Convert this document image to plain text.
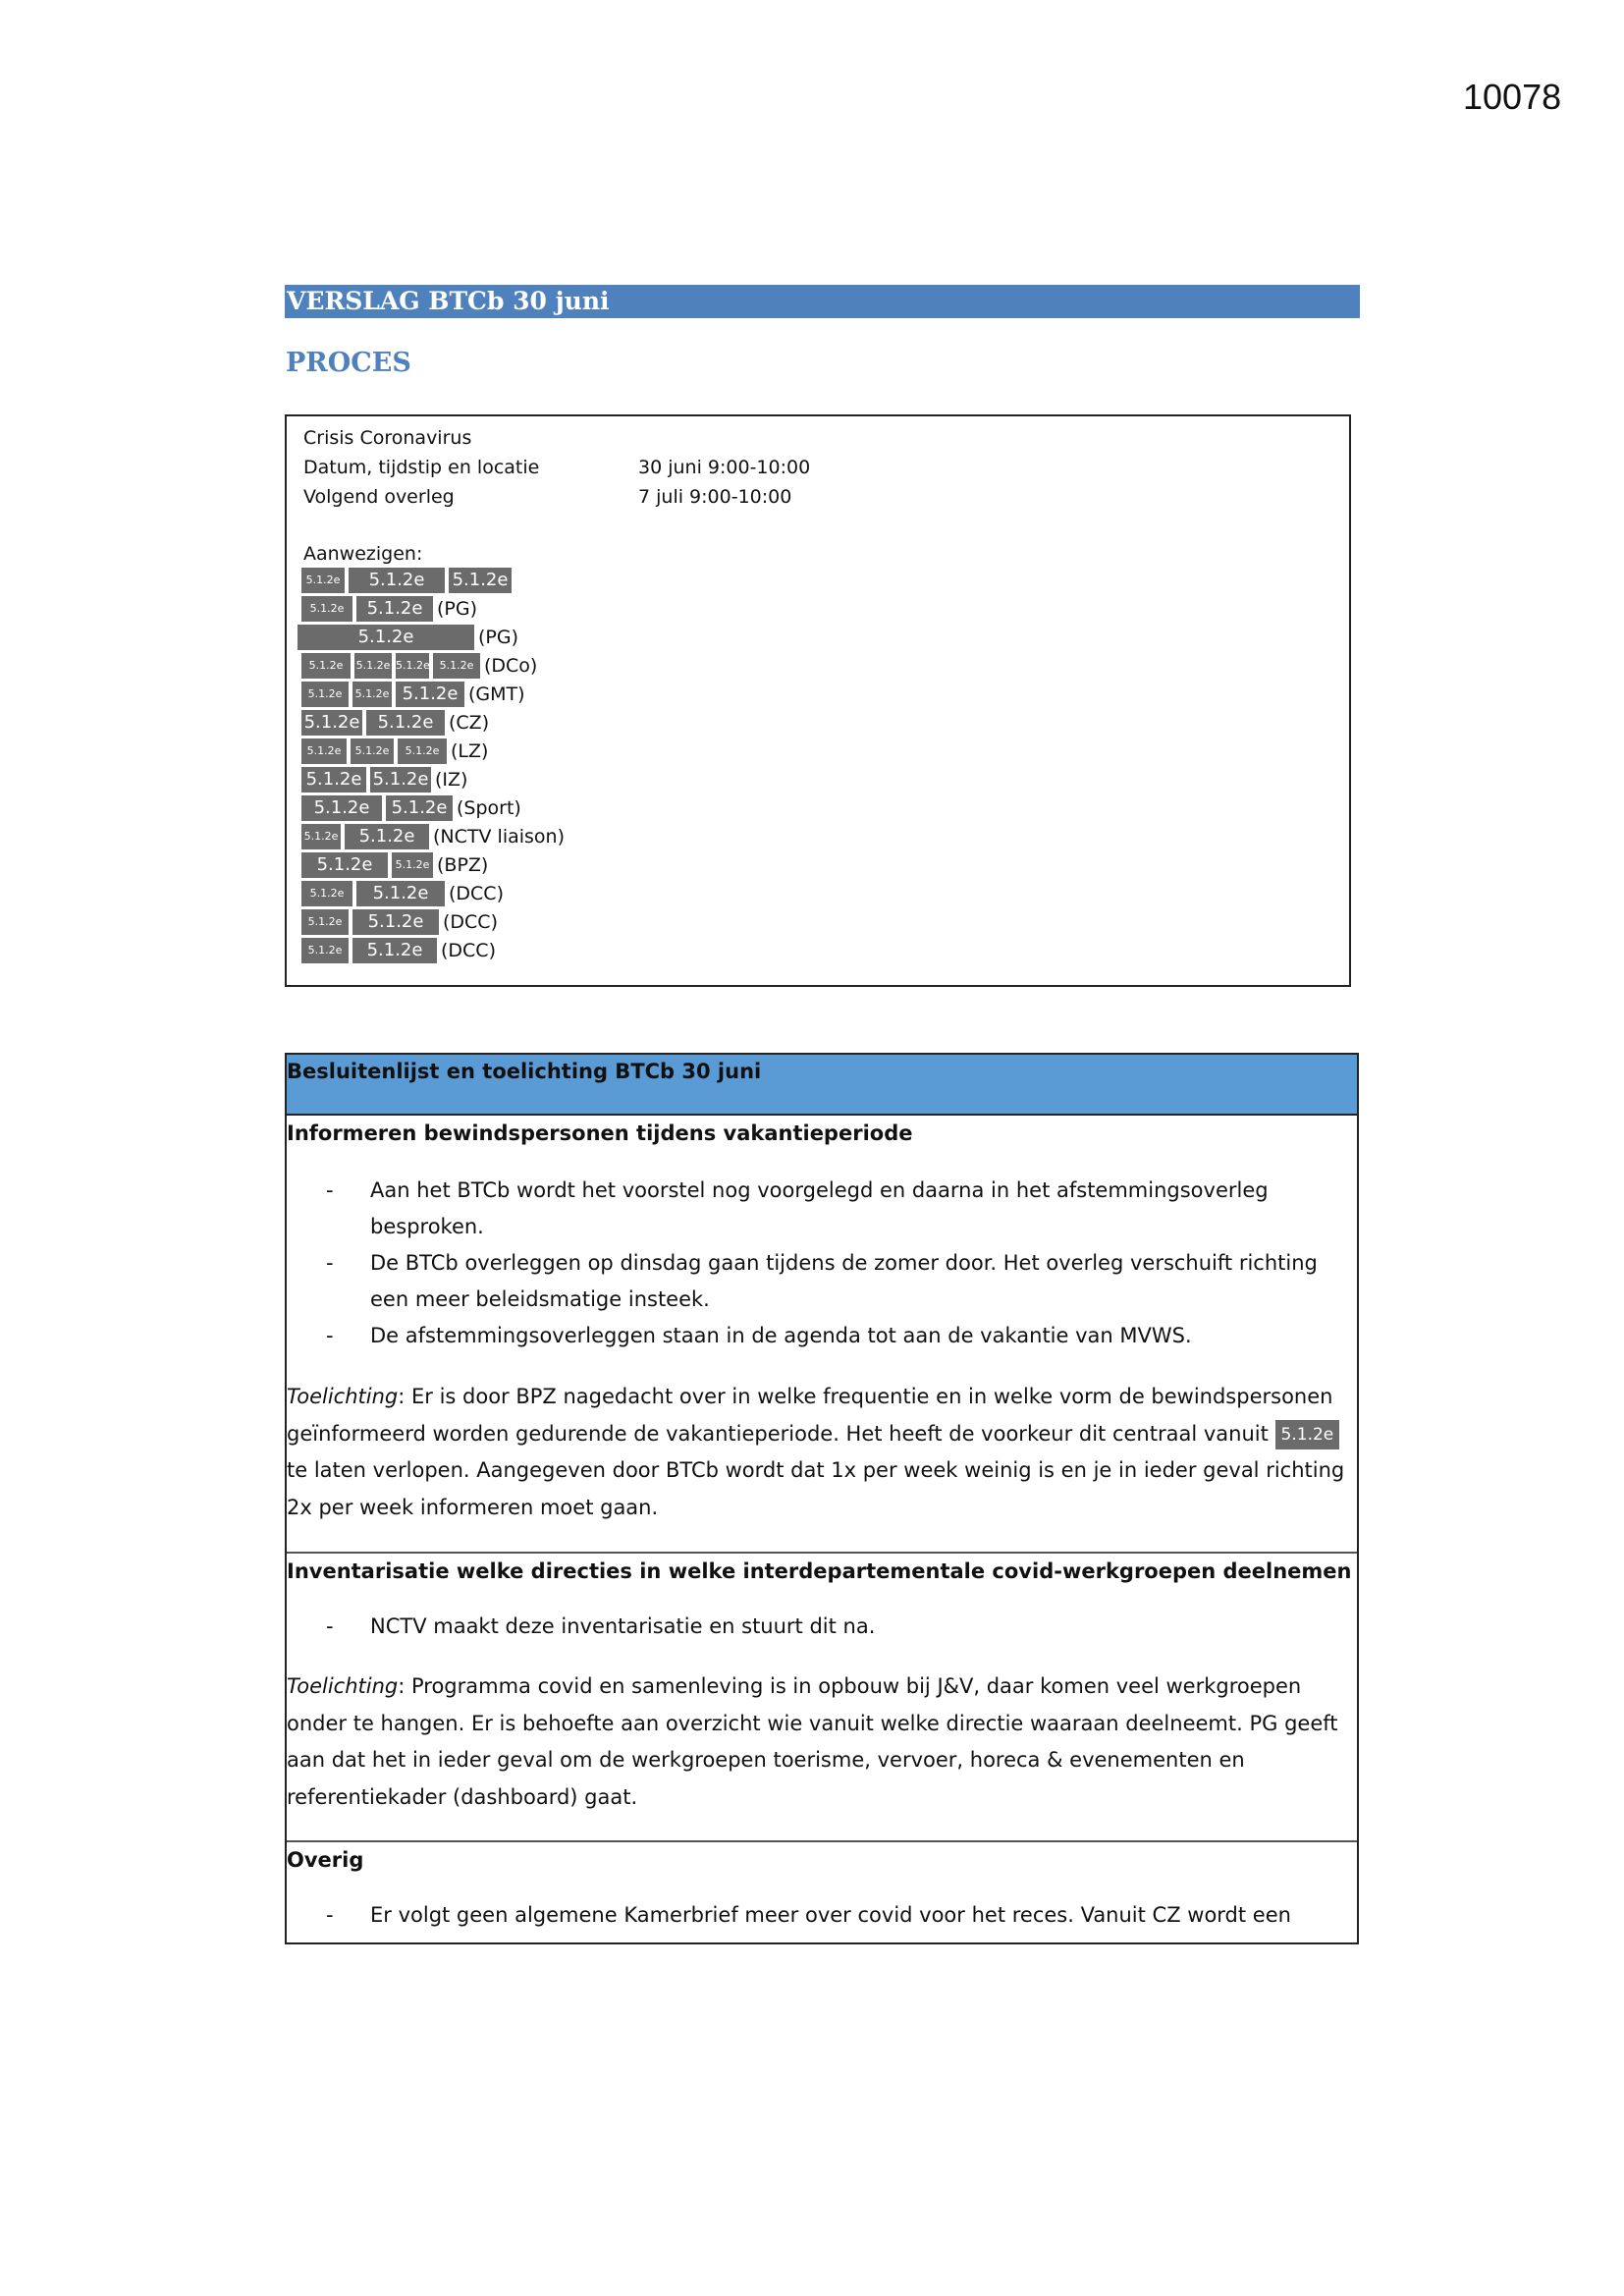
10078
VERSLAG BTCb 30 juni
PROCES
Crisis Coronavirus
Datum, tijdstip en locatie	30 juni 9:00-10:00
Volgend overleg	7 juli 9:00-10:00
Aanwezigen:
5.1.2e	5.1.2e	5.1.2e
5.1.2e	5.1.2e (PG)
5.1.2e	(PG)
5.1.2e	5.1.2e 5.1.2e 5.1.2e (DCo)
5.1.2e	5.1.2e 5.1.2e (GMT)
5.1.2e	5.1.2e (CZ)
5.1.2e	5.1.2e	5.1.2e (LZ)
5.1.2e 5.1.2e (IZ)
5.1.2e	5.1.2e (Sport)
5.1.2e	5.1.2e (NCTV liaison)
5.1.2e	5.1.2e (BPZ)
5.1.2e	5.1.2e	(DCC)
5.1.2e	5.1.2e	(DCC)
5.1.2e	5.1.2e (DCC)
Besluitenlijst en toelichting BTCb 30 juni
Informeren bewindspersonen tijdens vakantieperiode
- Aan het BTCb wordt het voorstel nog voorgelegd en daarna in het afstemmingsoverleg besproken.
- De BTCb overleggen op dinsdag gaan tijdens de zomer door. Het overleg verschuift richting een meer beleidsmatige insteek.
- De afstemmingsoverleggen staan in de agenda tot aan de vakantie van MVWS.
Toelichting: Er is door BPZ nagedacht over in welke frequentie en in welke vorm de bewindspersonen geïnformeerd worden gedurende de vakantieperiode. Het heeft de voorkeur dit centraal vanuit 5.1.2e te laten verlopen. Aangegeven door BTCb wordt dat 1x per week weinig is en je in ieder geval richting 2x per week informeren moet gaan.
Inventarisatie welke directies in welke interdepartementale covid-werkgroepen deelnemen
- NCTV maakt deze inventarisatie en stuurt dit na.
Toelichting: Programma covid en samenleving is in opbouw bij J&V, daar komen veel werkgroepen onder te hangen. Er is behoefte aan overzicht wie vanuit welke directie waaraan deelneemt. PG geeft aan dat het in ieder geval om de werkgroepen toerisme, vervoer, horeca & evenementen en referentiekader (dashboard) gaat.
Overig
- Er volgt geen algemene Kamerbrief meer over covid voor het reces. Vanuit CZ wordt een
